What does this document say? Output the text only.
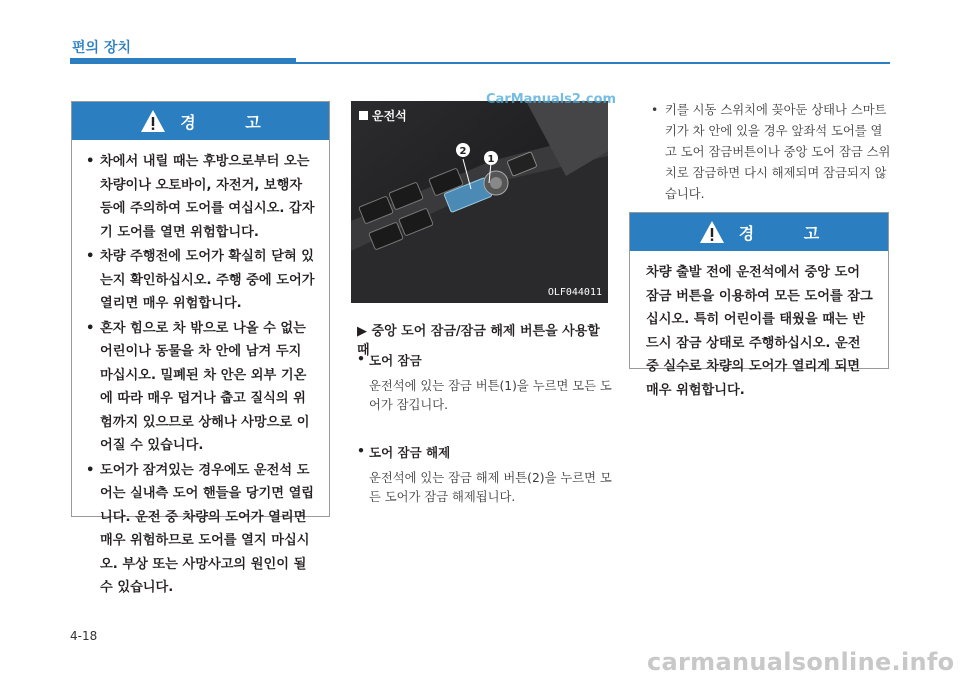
편의 장치
경 고
• 차에서 내릴 때는 후방으로부터 오는 차량이나 오토바이, 자전거, 보행자 등에 주의하여 도어를 여십시오. 갑자기 도어를 열면 위험합니다.
• 차량 주행전에 도어가 확실히 닫혀 있는지 확인하십시오. 주행 중에 도어가 열리면 매우 위험합니다.
• 혼자 힘으로 차 밖으로 나올 수 없는 어린이나 동물을 차 안에 남겨 두지 마십시오. 밀폐된 차 안은 외부 기온에 따라 매우 덥거나 춥고 질식의 위험까지 있으므로 상해나 사망으로 이어질 수 있습니다.
• 도어가 잠겨있는 경우에도 운전석 도어는 실내측 도어 핸들을 당기면 열립니다. 운전 중 차량의 도어가 열리면 매우 위험하므로 도어를 열지 마십시오. 부상 또는 사망사고의 원인이 될 수 있습니다.
2
1
운전석
OLF044011
CarManuals2.com
▶ 중앙 도어 잠금/잠금 해제 버튼을 사용할 때
• 도어 잠금
운전석에 있는 잠금 버튼(1)을 누르면 모든 도어가 잠깁니다.
• 도어 잠금 해제
운전석에 있는 잠금 해제 버튼(2)을 누르면 모든 도어가 잠금 해제됩니다.
• 키를 시동 스위치에 꽂아둔 상태나 스마트키가 차 안에 있을 경우 앞좌석 도어를 열고 도어 잠금버튼이나 중앙 도어 잠금 스위치로 잠금하면 다시 해제되며 잠금되지 않습니다.
경 고
차량 출발 전에 운전석에서 중앙 도어 잠금 버튼을 이용하여 모든 도어를 잠그십시오. 특히 어린이를 태웠을 때는 반드시 잠금 상태로 주행하십시오. 운전 중 실수로 차량의 도어가 열리게 되면 매우 위험합니다.
4-18
carmanualsonline.info
